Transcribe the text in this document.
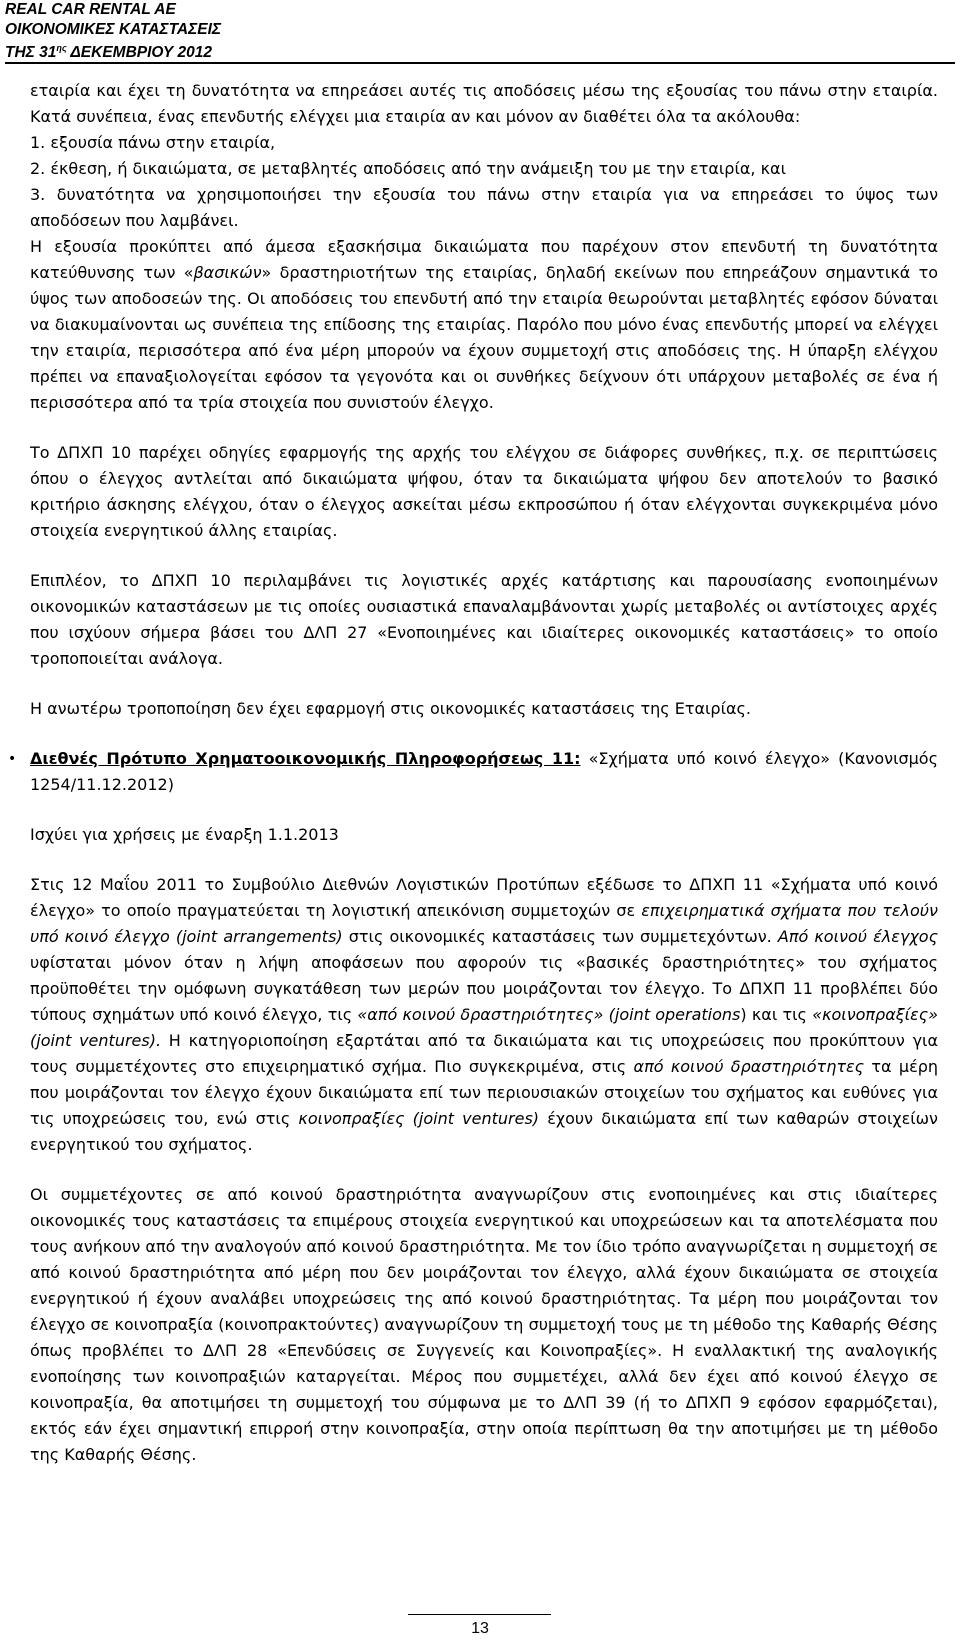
REAL CAR RENTAL AE
ΟΙΚΟΝΟΜΙΚΕΣ ΚΑΤΑΣΤΑΣΕΙΣ
ΤΗΣ $31^{\eta\varsigma}$ ΔΕΚΕΜΒΡΙΟΥ 2012

εταιρία και έχει τη δυνατότητα να επηρεάσει αυτές τις αποδόσεις μέσω της εξουσίας του πάνω στην εταιρία. Κατά συνέπεια, ένας επενδυτής ελέγχει μια εταιρία αν και μόνον αν διαθέτει όλα τα ακόλουθα:

1. εξουσία πάνω στην εταιρία,

2. έκθεση, ή δικαιώματα, σε μεταβλητές αποδόσεις από την ανάμειξη του με την εταιρία, και

3. δυνατότητα να χρησιμοποιήσει την εξουσία του πάνω στην εταιρία για να επηρεάσει το ύψος των αποδόσεων που λαμβάνει.

Η εξουσία προκύπτει από άμεσα εξασκήσιμα δικαιώματα που παρέχουν στον επενδυτή τη δυνατότητα κατεύθυνσης των «βασικών» δραστηριοτήτων της εταιρίας, δηλαδή εκείνων που επηρεάζουν σημαντικά το ύψος των αποδοσεών της. Οι αποδόσεις του επενδυτή από την εταιρία θεωρούνται μεταβλητές εφόσον δύναται να διακυμαίνονται ως συνέπεια της επίδοσης της εταιρίας. Παρόλο που μόνο ένας επενδυτής μπορεί να ελέγχει την εταιρία, περισσότερα από ένα μέρη μπορούν να έχουν συμμετοχή στις αποδόσεις της. Η ύπαρξη ελέγχου πρέπει να επαναξιολογείται εφόσον τα γεγονότα και οι συνθήκες δείχνουν ότι υπάρχουν μεταβολές σε ένα ή περισσότερα από τα τρία στοιχεία που συνιστούν έλεγχο.

Το ΔΠΧΠ 10 παρέχει οδηγίες εφαρμογής της αρχής του ελέγχου σε διάφορες συνθήκες, π.χ. σε περιπτώσεις όπου ο έλεγχος αντλείται από δικαιώματα ψήφου, όταν τα δικαιώματα ψήφου δεν αποτελούν το βασικό κριτήριο άσκησης ελέγχου, όταν ο έλεγχος ασκείται μέσω εκπροσώπου ή όταν ελέγχονται συγκεκριμένα μόνο στοιχεία ενεργητικού άλλης εταιρίας.

Επιπλέον, το ΔΠΧΠ 10 περιλαμβάνει τις λογιστικές αρχές κατάρτισης και παρουσίασης ενοποιημένων οικονομικών καταστάσεων με τις οποίες ουσιαστικά επαναλαμβάνονται χωρίς μεταβολές οι αντίστοιχες αρχές που ισχύουν σήμερα βάσει του ΔΛΠ 27 «Ενοποιημένες και ιδιαίτερες οικονομικές καταστάσεις» το οποίο τροποποιείται ανάλογα.

Η ανωτέρω τροποποίηση δεν έχει εφαρμογή στις οικονομικές καταστάσεις της Εταιρίας.

• Διεθνές Πρότυπο Χρηματοοικονομικής Πληροφορήσεως 11: «Σχήματα υπό κοινό έλεγχο» (Κανονισμός 1254/11.12.2012)

Ισχύει για χρήσεις με έναρξη 1.1.2013

Στις 12 Μαΐου 2011 το Συμβούλιο Διεθνών Λογιστικών Προτύπων εξέδωσε το ΔΠΧΠ 11 «Σχήματα υπό κοινό έλεγχο» το οποίο πραγματεύεται τη λογιστική απεικόνιση συμμετοχών σε επιχειρηματικά σχήματα που τελούν υπό κοινό έλεγχο (joint arrangements) στις οικονομικές καταστάσεις των συμμετεχόντων. Από κοινού έλεγχος υφίσταται μόνον όταν η λήψη αποφάσεων που αφορούν τις «βασικές δραστηριότητες» του σχήματος προϋποθέτει την ομόφωνη συγκατάθεση των μερών που μοιράζονται τον έλεγχο. Το ΔΠΧΠ 11 προβλέπει δύο τύπους σχημάτων υπό κοινό έλεγχο, τις «από κοινού δραστηριότητες» (joint operations) και τις «κοινοπραξίες» (joint ventures). Η κατηγοριοποίηση εξαρτάται από τα δικαιώματα και τις υποχρεώσεις που προκύπτουν για τους συμμετέχοντες στο επιχειρηματικό σχήμα. Πιο συγκεκριμένα, στις από κοινού δραστηριότητες τα μέρη που μοιράζονται τον έλεγχο έχουν δικαιώματα επί των περιουσιακών στοιχείων του σχήματος και ευθύνες για τις υποχρεώσεις του, ενώ στις κοινοπραξίες (joint ventures) έχουν δικαιώματα επί των καθαρών στοιχείων ενεργητικού του σχήματος.

Οι συμμετέχοντες σε από κοινού δραστηριότητα αναγνωρίζουν στις ενοποιημένες και στις ιδιαίτερες οικονομικές τους καταστάσεις τα επιμέρους στοιχεία ενεργητικού και υποχρεώσεων και τα αποτελέσματα που τους ανήκουν από την αναλογούν από κοινού δραστηριότητα. Με τον ίδιο τρόπο αναγνωρίζεται η συμμετοχή σε από κοινού δραστηριότητα από μέρη που δεν μοιράζονται τον έλεγχο, αλλά έχουν δικαιώματα σε στοιχεία ενεργητικού ή έχουν αναλάβει υποχρεώσεις της από κοινού δραστηριότητας. Τα μέρη που μοιράζονται τον έλεγχο σε κοινοπραξία (κοινοπρακτούντες) αναγνωρίζουν τη συμμετοχή τους με τη μέθοδο της Καθαρής Θέσης όπως προβλέπει το ΔΛΠ 28 «Επενδύσεις σε Συγγενείς και Κοινοπραξίες». Η εναλλακτική της αναλογικής ενοποίησης των κοινοπραξιών καταργείται. Μέρος που συμμετέχει, αλλά δεν έχει από κοινού έλεγχο σε κοινοπραξία, θα αποτιμήσει τη συμμετοχή του σύμφωνα με το ΔΛΠ 39 (ή το ΔΠΧΠ 9 εφόσον εφαρμόζεται), εκτός εάν έχει σημαντική επιρροή στην κοινοπραξία, στην οποία περίπτωση θα την αποτιμήσει με τη μέθοδο της Καθαρής Θέσης.

13
